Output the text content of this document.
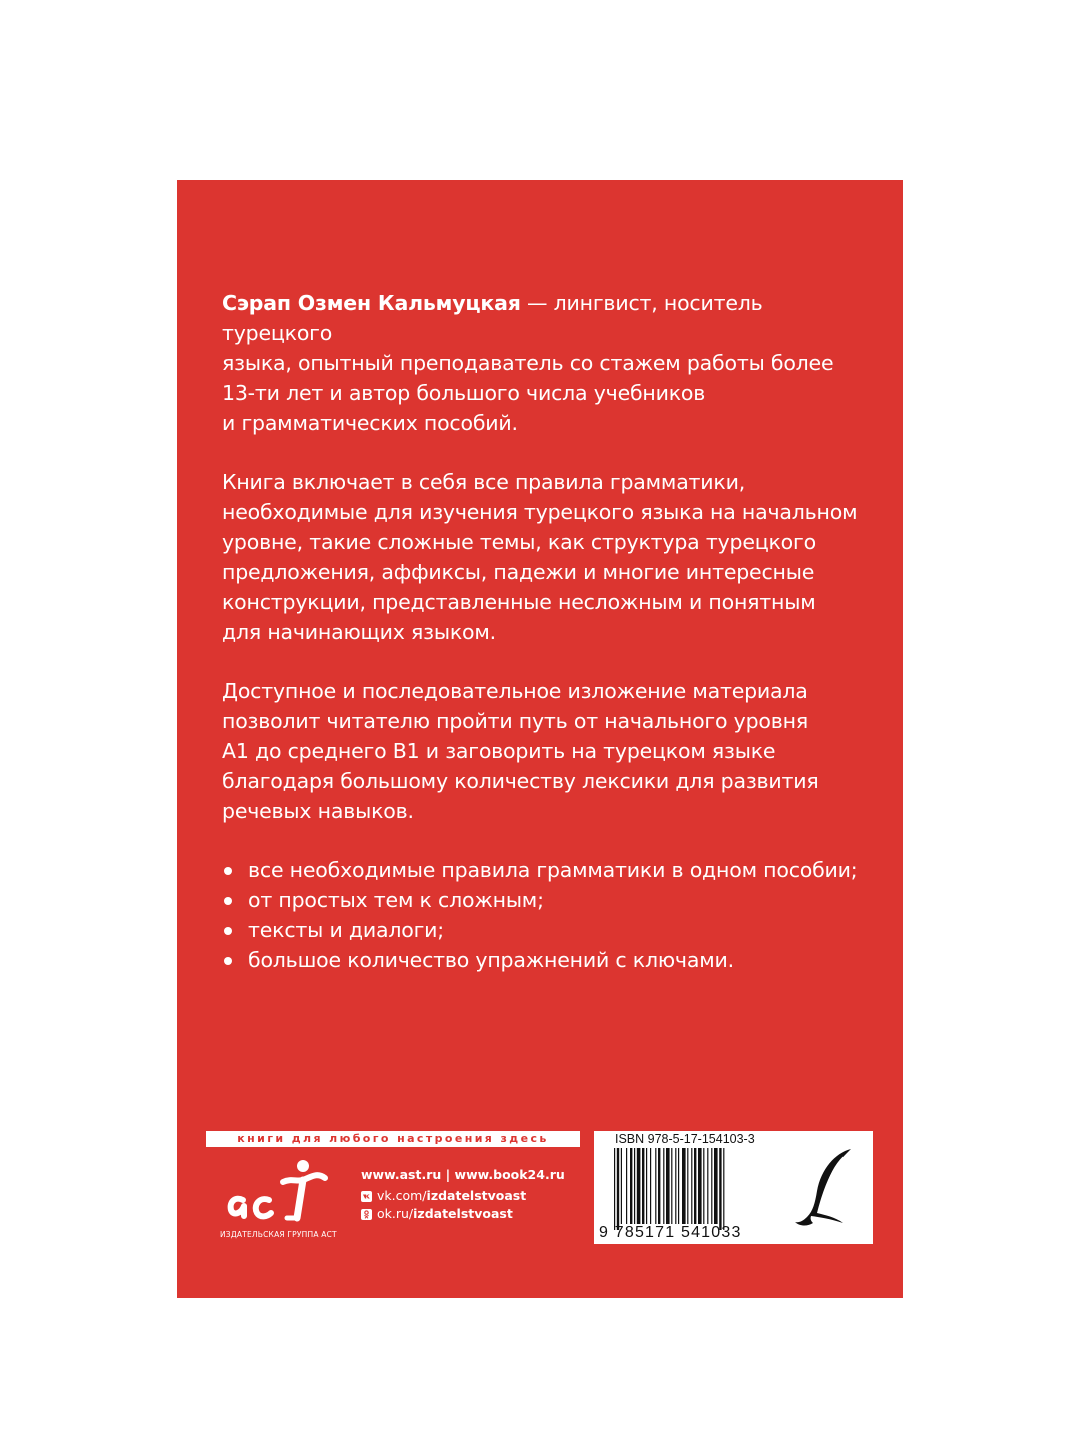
Сэрап Озмен Кальмуцкая — лингвист, носитель турецкого
языка, опытный преподаватель со стажем работы более
13-ти лет и автор большого числа учебников
и грамматических пособий.

Книга включает в себя все правила грамматики,
необходимые для изучения турецкого языка на начальном
уровне, такие сложные темы, как структура турецкого
предложения, аффиксы, падежи и многие интересные
конструкции, представленные несложным и понятным
для начинающих языком.

Доступное и последовательное изложение материала
позволит читателю пройти путь от начального уровня
А1 до среднего В1 и заговорить на турецком языке
благодаря большому количеству лексики для развития
речевых навыков.

все необходимые правила грамматики в одном пособии;
от простых тем к сложным;
тексты и диалоги;
большое количество упражнений с ключами.
книги для любого настроения здесь
ИЗДАТЕЛЬСКАЯ ГРУППА АСТ
www.ast.ru | www.book24.ru
vk.com/ izdatelstvoast
ok.ru/ izdatelstvoast
ISBN 978-5-17-154103-3
9 785171 541033
